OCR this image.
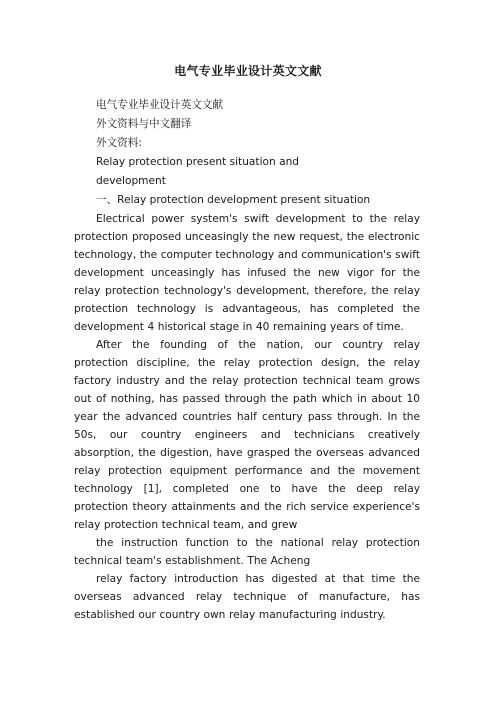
电气专业毕业设计英文文献
电气专业毕业设计英文文献
外文资料与中文翻译
外文资料:
Relay protection present situation and
development
一、Relay protection development present situation

Electrical power system's swift development to the relay protection proposed unceasingly the new request, the electronic technology, the computer technology and communication's swift development unceasingly has infused the new vigor for the relay protection technology's development, therefore, the relay protection technology is advantageous, has completed the development 4 historical stage in 40 remaining years of time.

After the founding of the nation, our country relay protection discipline, the relay protection design, the relay factory industry and the relay protection technical team grows out of nothing, has passed through the path which in about 10 year the advanced countries half century pass through. In the 50s, our country engineers and technicians creatively absorption, the digestion, have grasped the overseas advanced relay protection equipment performance and the movement technology [1], completed one to have the deep relay protection theory attainments and the rich service experience's relay protection technical team, and grew

the instruction function to the national relay protection technical team's establishment. The Acheng

relay factory introduction has digested at that time the overseas advanced relay technique of manufacture, has established our country own relay manufacturing industry.
